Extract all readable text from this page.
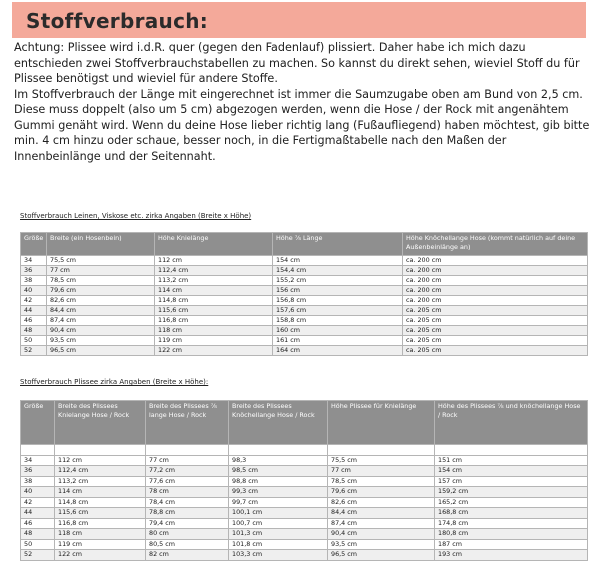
Stoffverbrauch:

Achtung: Plissee wird i.d.R. quer (gegen den Fadenlauf) plissiert. Daher habe ich mich dazu entschieden zwei Stoffverbrauchstabellen zu machen. So kannst du direkt sehen, wieviel Stoff du für Plissee benötigst und wieviel für andere Stoffe.

Im Stoffverbrauch der Länge mit eingerechnet ist immer die Saumzugabe oben am Bund von 2,5 cm. Diese muss doppelt (also um 5 cm) abgezogen werden, wenn die Hose / der Rock mit angenähtem Gummi genäht wird. Wenn du deine Hose lieber richtig lang (Fußaufliegend) haben möchtest, gib bitte min. 4 cm hinzu oder schaue, besser noch, in die Fertigmaßtabelle nach den Maßen der Innenbeinlänge und der Seitennaht.

Stoffverbrauch Leinen, Viskose etc. zirka Angaben (Breite x Höhe)
Größe	Breite (ein Hosenbein)	Höhe Knielänge	Höhe ⅞ Länge	Höhe Knöchellange Hose (kommt natürlich auf deine Außenbeinlänge an)
34	75,5 cm	112 cm	154 cm	ca. 200 cm
36	77 cm	112,4 cm	154,4 cm	ca. 200 cm
38	78,5 cm	113,2 cm	155,2 cm	ca. 200 cm
40	79,6 cm	114 cm	156 cm	ca. 200 cm
42	82,6 cm	114,8 cm	156,8 cm	ca. 200 cm
44	84,4 cm	115,6 cm	157,6 cm	ca. 205 cm
46	87,4 cm	116,8 cm	158,8 cm	ca. 205 cm
48	90,4 cm	118 cm	160 cm	ca. 205 cm
50	93,5 cm	119 cm	161 cm	ca. 205 cm
52	96,5 cm	122 cm	164 cm	ca. 205 cm
Stoffverbrauch Plissee zirka Angaben (Breite x Höhe):
Größe	Breite des Plissees Knielange Hose / Rock	Breite des Plissees ⅞ lange Hose / Rock	Breite des Plissees Knöchellange Hose / Rock	Höhe Plissee für Knielänge	Höhe des Plissees ⅞ und knöchellange Hose / Rock

34	112 cm	77 cm	98,3	75,5 cm	151 cm
36	112,4 cm	77,2 cm	98,5 cm	77 cm	154 cm
38	113,2 cm	77,6 cm	98,8 cm	78,5 cm	157 cm
40	114 cm	78 cm	99,3 cm	79,6 cm	159,2 cm
42	114,8 cm	78,4 cm	99,7 cm	82,6 cm	165,2 cm
44	115,6 cm	78,8 cm	100,1 cm	84,4 cm	168,8 cm
46	116,8 cm	79,4 cm	100,7 cm	87,4 cm	174,8 cm
48	118 cm	80 cm	101,3 cm	90,4 cm	180,8 cm
50	119 cm	80,5 cm	101,8 cm	93,5 cm	187 cm
52	122 cm	82 cm	103,3 cm	96,5 cm	193 cm
